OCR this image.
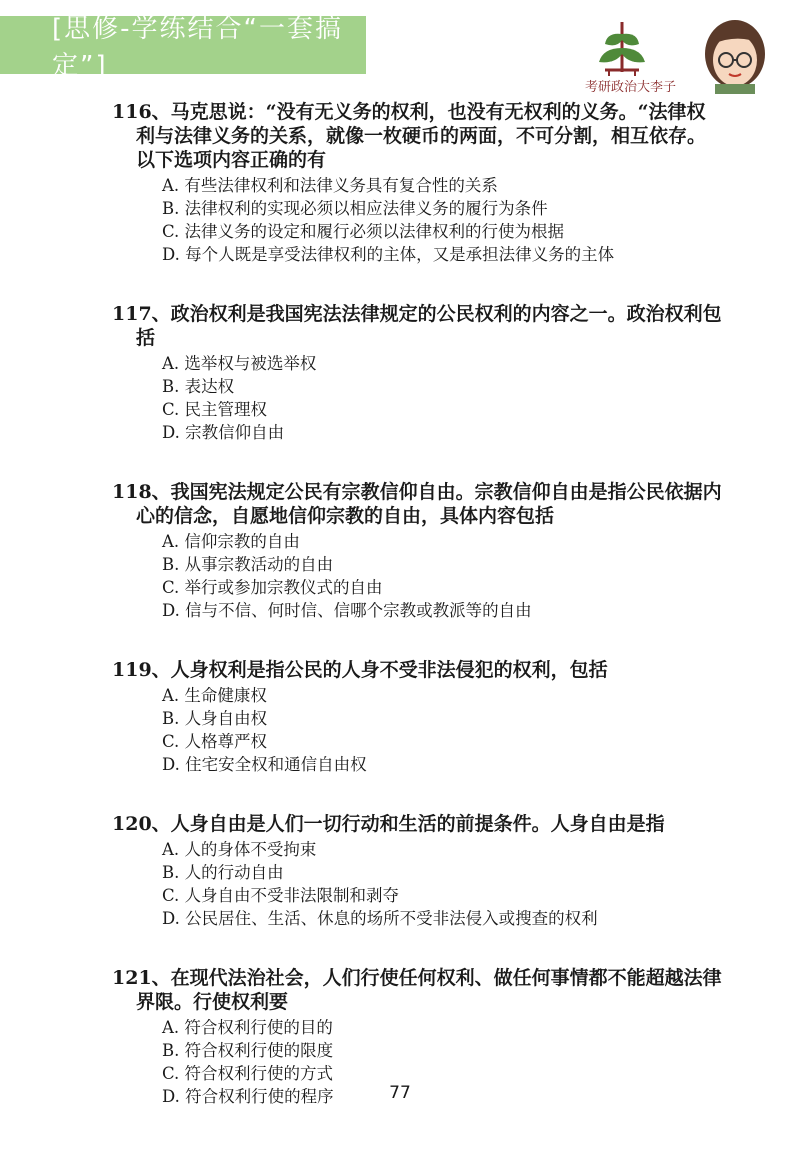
[思修-学练结合“一套搞定”]
考研政治大李子

116、马克思说：“没有无义务的权利，也没有无权利的义务。“法律权利与法律义务的关系，就像一枚硬币的两面，不可分割，相互依存。以下选项内容正确的有

A. 有些法律权利和法律义务具有复合性的关系
B. 法律权利的实现必须以相应法律义务的履行为条件
C. 法律义务的设定和履行必须以法律权利的行使为根据
D. 每个人既是享受法律权利的主体，又是承担法律义务的主体

117、政治权利是我国宪法法律规定的公民权利的内容之一。政治权利包括

A. 选举权与被选举权
B. 表达权
C. 民主管理权
D. 宗教信仰自由

118、我国宪法规定公民有宗教信仰自由。宗教信仰自由是指公民依据内心的信念，自愿地信仰宗教的自由，具体内容包括

A. 信仰宗教的自由
B. 从事宗教活动的自由
C. 举行或参加宗教仪式的自由
D. 信与不信、何时信、信哪个宗教或教派等的自由

119、人身权利是指公民的人身不受非法侵犯的权利，包括

A. 生命健康权
B. 人身自由权
C. 人格尊严权
D. 住宅安全权和通信自由权

120、人身自由是人们一切行动和生活的前提条件。人身自由是指

A. 人的身体不受拘束
B. 人的行动自由
C. 人身自由不受非法限制和剥夺
D. 公民居住、生活、休息的场所不受非法侵入或搜查的权利

121、在现代法治社会，人们行使任何权利、做任何事情都不能超越法律界限。行使权利要

A. 符合权利行使的目的
B. 符合权利行使的限度
C. 符合权利行使的方式
D. 符合权利行使的程序	77
